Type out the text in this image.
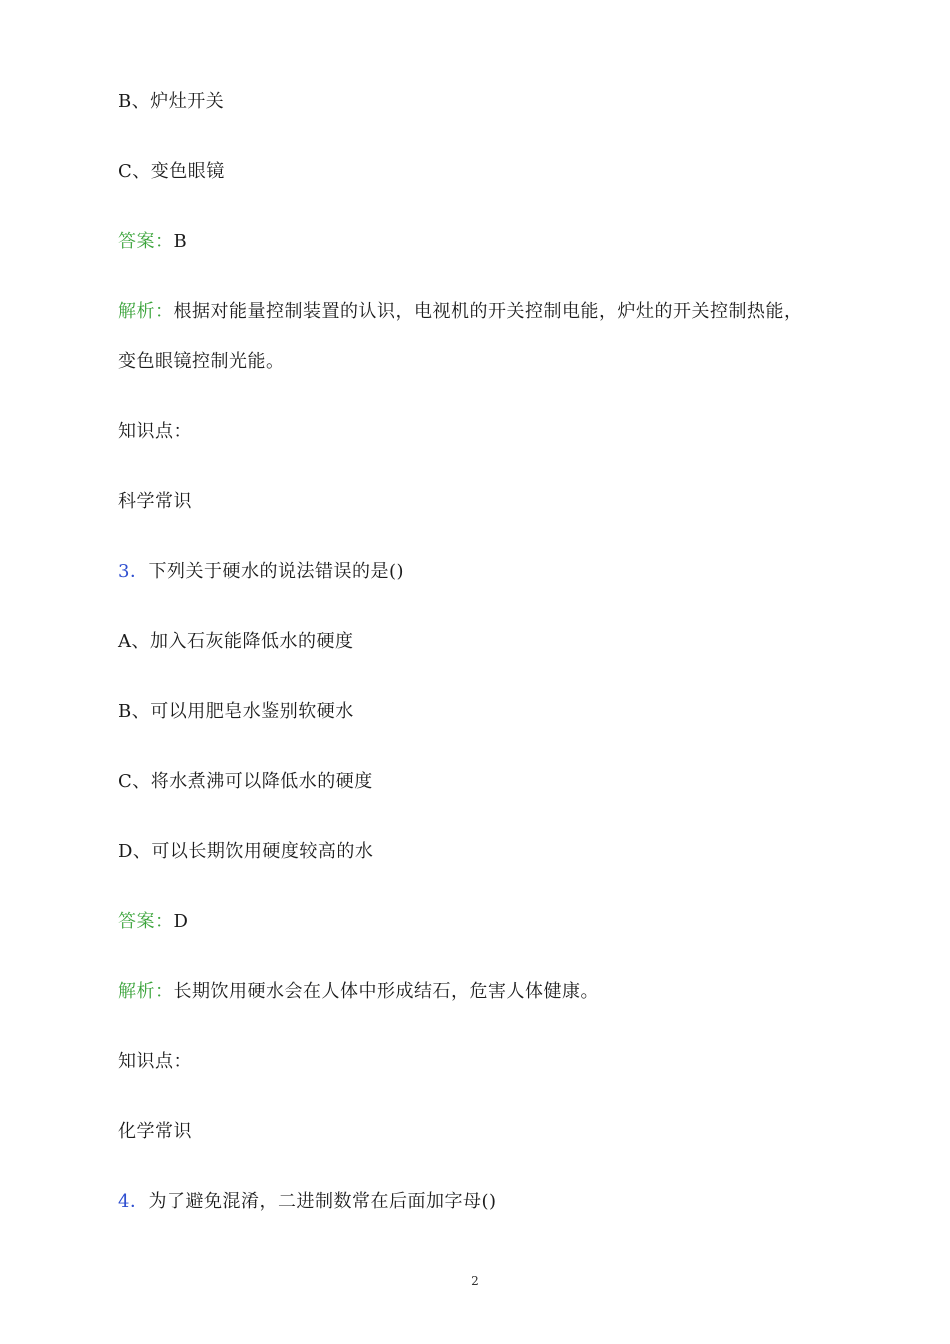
B、炉灶开关
C、变色眼镜
答案：B
解析：根据对能量控制装置的认识，电视机的开关控制电能，炉灶的开关控制热能，
变色眼镜控制光能。
知识点：
科学常识
3．下列关于硬水的说法错误的是()
A、加入石灰能降低水的硬度
B、可以用肥皂水鉴别软硬水
C、将水煮沸可以降低水的硬度
D、可以长期饮用硬度较高的水
答案：D
解析：长期饮用硬水会在人体中形成结石，危害人体健康。
知识点：
化学常识
4．为了避免混淆，二进制数常在后面加字母()
2
